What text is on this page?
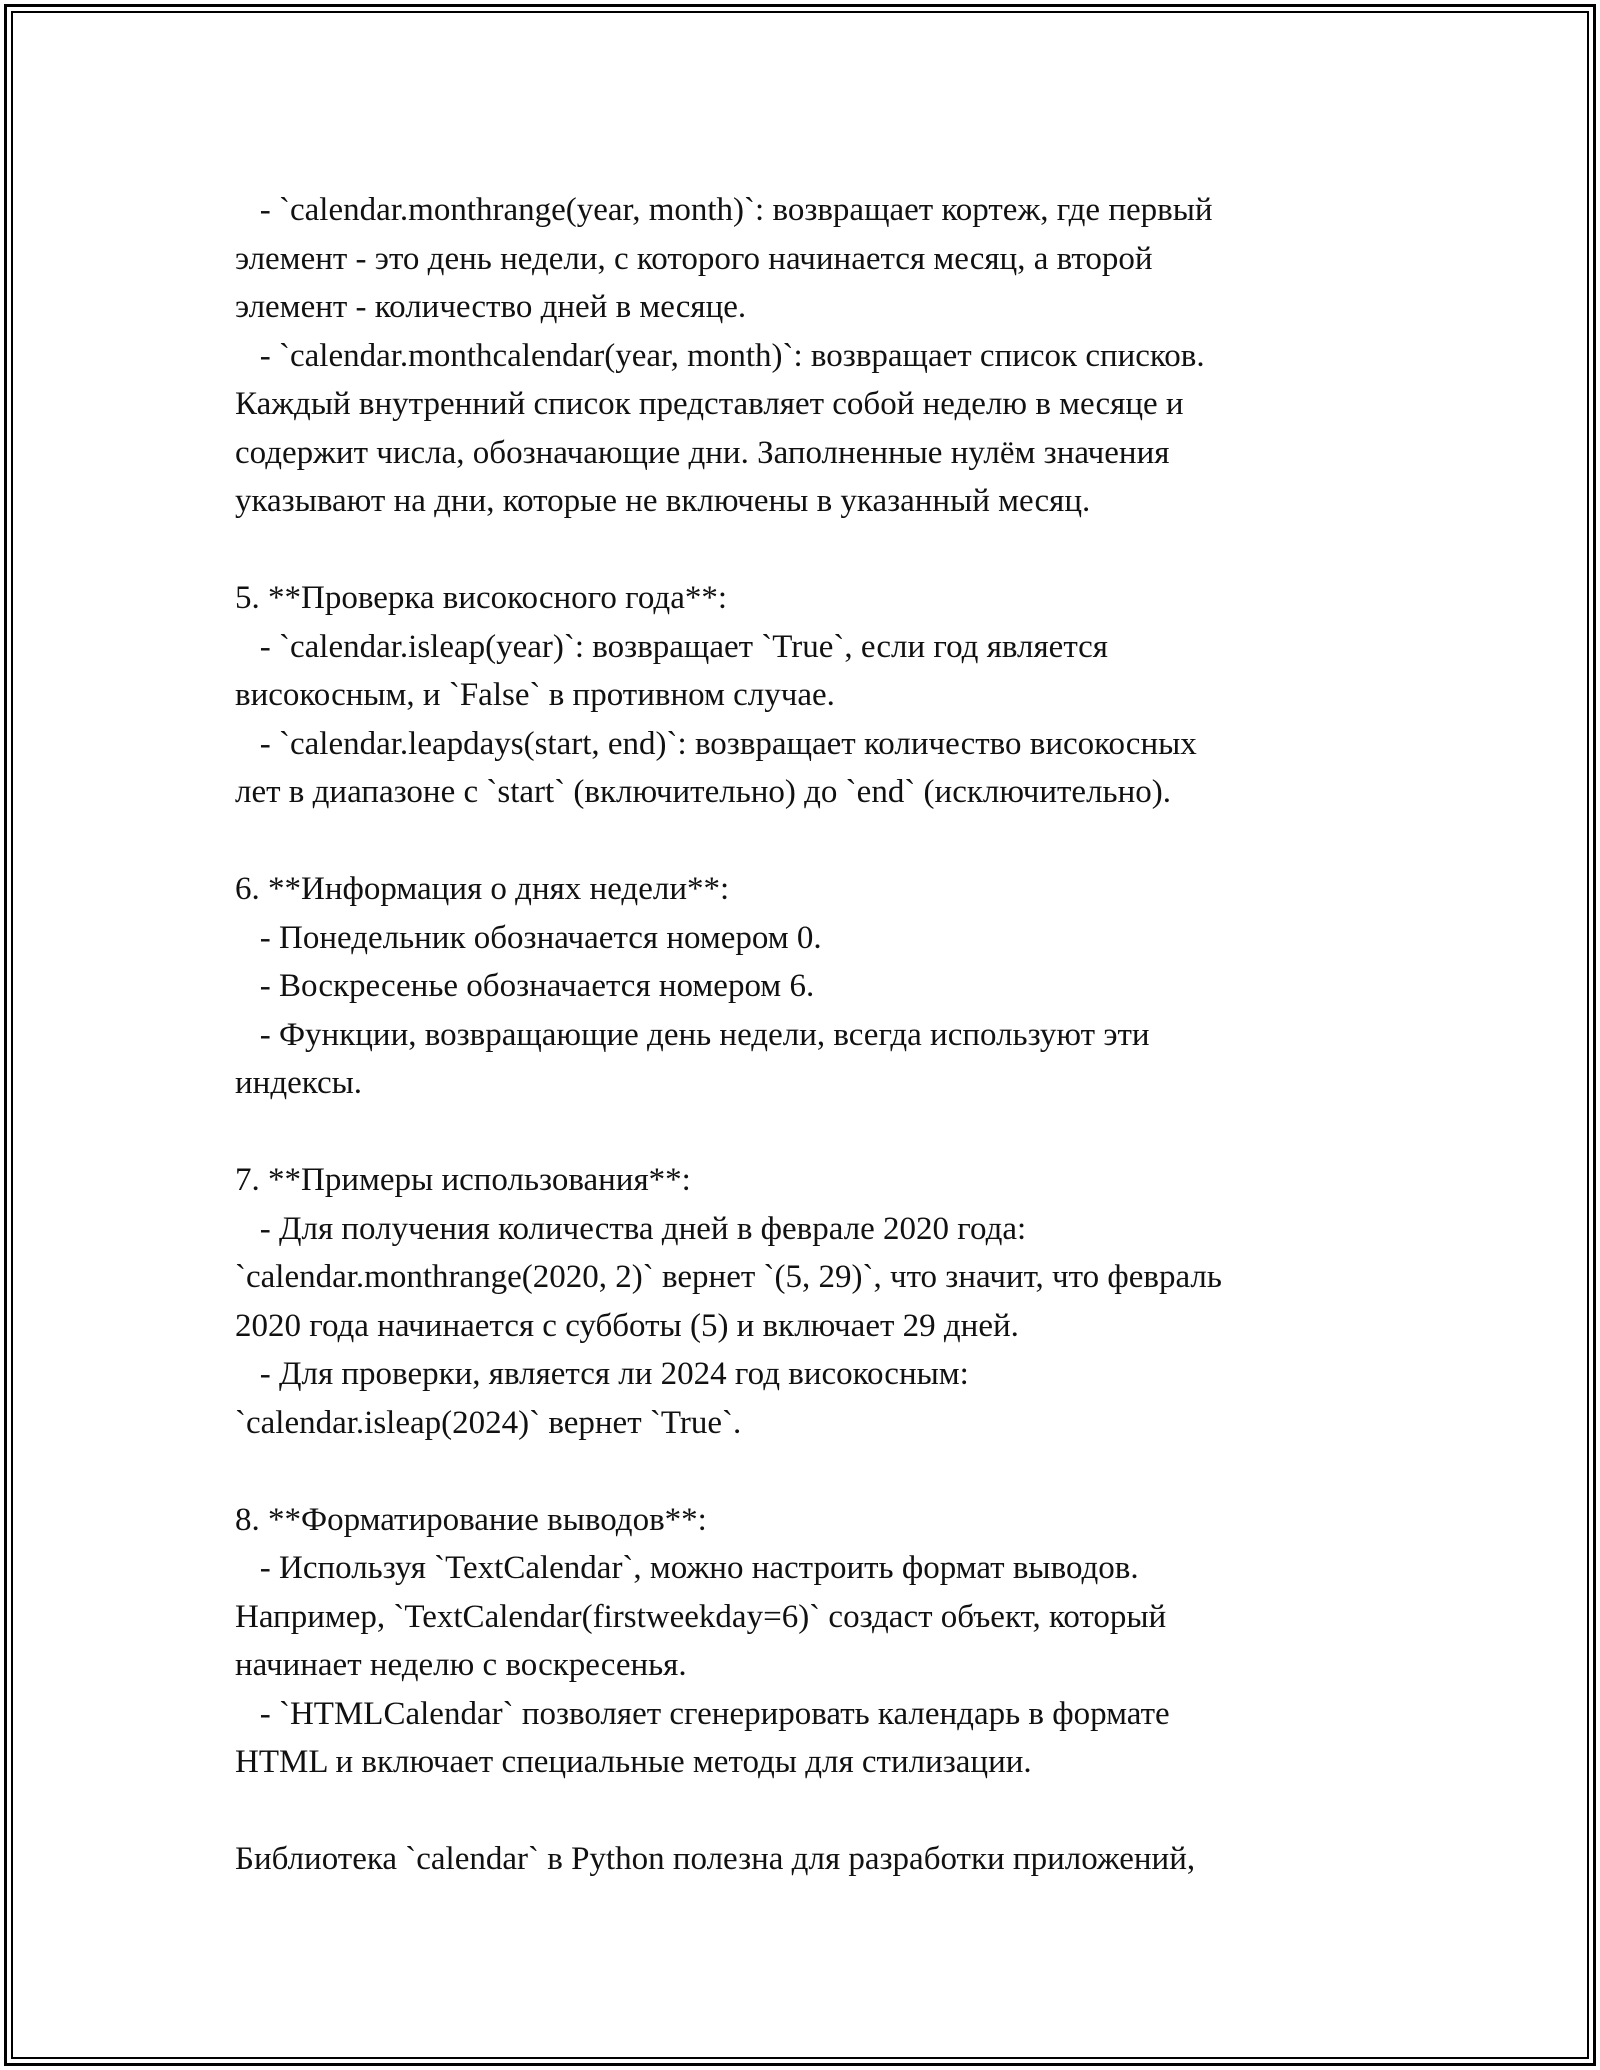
- `calendar.monthrange(year, month)`: возвращает кортеж, где первый
элемент - это день недели, с которого начинается месяц, а второй
элемент - количество дней в месяце.
- `calendar.monthcalendar(year, month)`: возвращает список списков.
Каждый внутренний список представляет собой неделю в месяце и
содержит числа, обозначающие дни. Заполненные нулём значения
указывают на дни, которые не включены в указанный месяц.
5. **Проверка високосного года**:
- `calendar.isleap(year)`: возвращает `True`, если год является
високосным, и `False` в противном случае.
- `calendar.leapdays(start, end)`: возвращает количество високосных
лет в диапазоне с `start` (включительно) до `end` (исключительно).
6. **Информация о днях недели**:
- Понедельник обозначается номером 0.
- Воскресенье обозначается номером 6.
- Функции, возвращающие день недели, всегда используют эти
индексы.
7. **Примеры использования**:
- Для получения количества дней в феврале 2020 года:
`calendar.monthrange(2020, 2)` вернет `(5, 29)`, что значит, что февраль
2020 года начинается с субботы (5) и включает 29 дней.
- Для проверки, является ли 2024 год високосным:
`calendar.isleap(2024)` вернет `True`.
8. **Форматирование выводов**:
- Используя `TextCalendar`, можно настроить формат выводов.
Например, `TextCalendar(firstweekday=6)` создаст объект, который
начинает неделю с воскресенья.
- `HTMLCalendar` позволяет сгенерировать календарь в формате
HTML и включает специальные методы для стилизации.
Библиотека `calendar` в Python полезна для разработки приложений,
